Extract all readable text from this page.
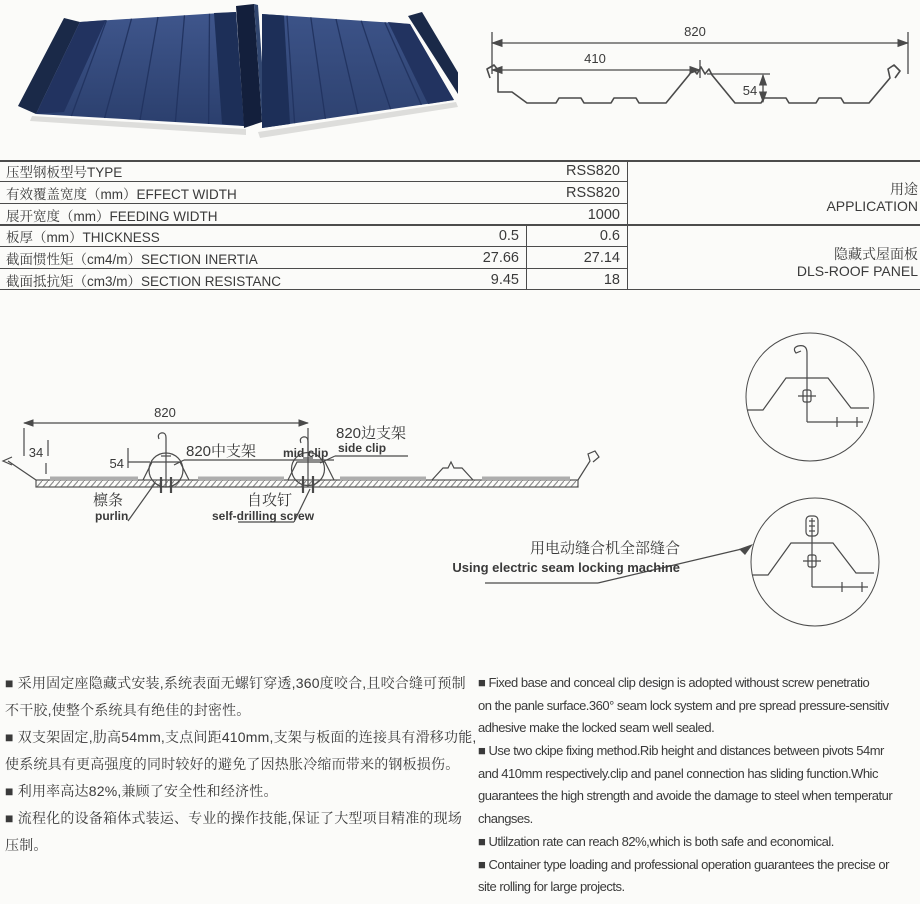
820
410
54
压型钢板型号TYPE	RSS820
有效覆盖宽度（mm）EFFECT WIDTH	RSS820
展开宽度（mm）FEEDING WIDTH	1000
板厚（mm）THICKNESS	0.5	0.6
截面惯性矩（cm4/m）SECTION INERTIA	27.66	27.14
截面抵抗矩（cm3/m）SECTION RESISTANC	9.45	18
用途
APPLICATION
隐藏式屋面板
DLS-ROOF PANEL
820
34
54
820中支架 mid clip
820边支架
side clip
檩条
purlin
自攻钉
self-drilling screw
用电动缝合机全部缝合
Using electric seam locking machine
■ 采用固定座隐藏式安装,系统表面无螺钉穿透,360度咬合,且咬合缝可预制
不干胶,使整个系统具有绝佳的封密性。
■ 双支架固定,肋高54mm,支点间距410mm,支架与板面的连接具有滑移功能,
使系统具有更高强度的同时较好的避免了因热胀冷缩而带来的钢板损伤。
■ 利用率高达82%,兼顾了安全性和经济性。
■ 流程化的设备箱体式装运、专业的操作技能,保证了大型项目精准的现场
压制。
■ Fixed base and conceal clip design is adopted withoust screw penetratio
on the panle surface.360° seam lock system and pre spread pressure-sensitiv
adhesive make the locked seam well sealed.
■ Use two ckipe fixing method.Rib height and distances between pivots 54mr
and 410mm respectively.clip and panel connection has sliding function.Whic
guarantees the high strength and avoide the damage to steel when temperatur
changses.
■ Utlilzation rate can reach 82%,which is both safe and economical.
■ Container type loading and professional operation guarantees the precise or
site rolling for large projects.
